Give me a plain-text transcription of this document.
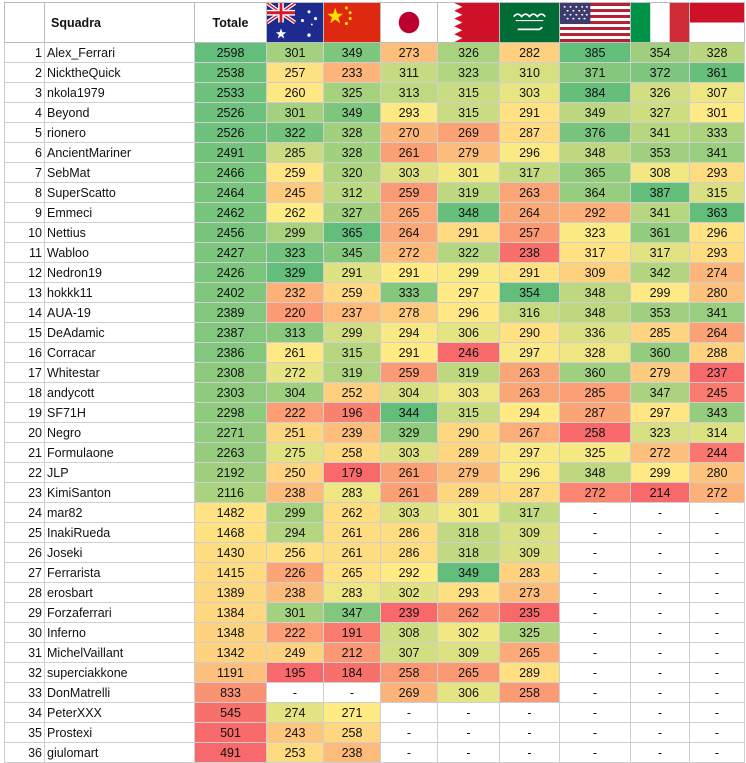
	Squadra	Totale	

1	Alex_Ferrari	2598	301	349	273	326	282	385	354	328
2	NicktheQuick	2538	257	233	311	323	310	371	372	361
3	nkola1979	2533	260	325	313	315	303	384	326	307
4	Beyond	2526	301	349	293	315	291	349	327	301
5	rionero	2526	322	328	270	269	287	376	341	333
6	AncientMariner	2491	285	328	261	279	296	348	353	341
7	SebMat	2466	259	320	303	301	317	365	308	293
8	SuperScatto	2464	245	312	259	319	263	364	387	315
9	Emmeci	2462	262	327	265	348	264	292	341	363
10	Nettius	2456	299	365	264	291	257	323	361	296
11	Wabloo	2427	323	345	272	322	238	317	317	293
12	Nedron19	2426	329	291	291	299	291	309	342	274
13	hokkk11	2402	232	259	333	297	354	348	299	280
14	AUA-19	2389	220	237	278	296	316	348	353	341
15	DeAdamic	2387	313	299	294	306	290	336	285	264
16	Corracar	2386	261	315	291	246	297	328	360	288
17	Whitestar	2308	272	319	259	319	263	360	279	237
18	andycott	2303	304	252	304	303	263	285	347	245
19	SF71H	2298	222	196	344	315	294	287	297	343
20	Negro	2271	251	239	329	290	267	258	323	314
21	Formulaone	2263	275	258	303	289	297	325	272	244
22	JLP	2192	250	179	261	279	296	348	299	280
23	KimiSanton	2116	238	283	261	289	287	272	214	272
24	mar82	1482	299	262	303	301	317	-	-	-
25	InakiRueda	1468	294	261	286	318	309	-	-	-
26	Joseki	1430	256	261	286	318	309	-	-	-
27	Ferrarista	1415	226	265	292	349	283	-	-	-
28	erosbart	1389	238	283	302	293	273	-	-	-
29	Forzaferrari	1384	301	347	239	262	235	-	-	-
30	Inferno	1348	222	191	308	302	325	-	-	-
31	MichelVaillant	1342	249	212	307	309	265	-	-	-
32	superciakkone	1191	195	184	258	265	289	-	-	-
33	DonMatrelli	833	-	-	269	306	258	-	-	-
34	PeterXXX	545	274	271	-	-	-	-	-	-
35	Prostexi	501	243	258	-	-	-	-	-	-
36	giulomart	491	253	238	-	-	-	-	-	-
